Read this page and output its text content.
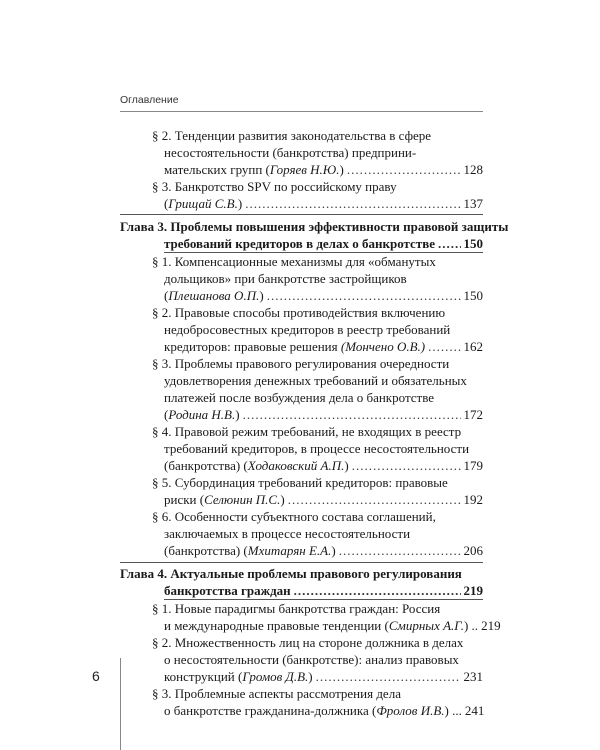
Оглавление
§ 2. Тенденции развития законодательства в сфере
несостоятельности (банкротства) предприни-
мательских групп (Горяев Н.Ю.) .....	128
§ 3. Банкротство SPV по российскому праву
(Грищай С.В.) .....	137
Глава 3. Проблемы повышения эффективности правовой защиты
требований кредиторов в делах о банкротстве ..... 150
§ 1. Компенсационные механизмы для «обманутых
дольщиков» при банкротстве застройщиков
(Плешанова О.П.) .....	150
§ 2. Правовые способы противодействия включению
недобросовестных кредиторов в реестр требований
кредиторов: правовые решения (Мончено О.В.) .....	162
§ 3. Проблемы правового регулирования очередности
удовлетворения денежных требований и обязательных
платежей после возбуждения дела о банкротстве
(Родина Н.В.) .....	172
§ 4. Правовой режим требований, не входящих в реестр
требований кредиторов, в процессе несостоятельности
(банкротства) (Ходаковский А.П.) .....	179
§ 5. Субординация требований кредиторов: правовые
риски (Селюнин П.С.) .....	192
§ 6. Особенности субъектного состава соглашений,
заключаемых в процессе несостоятельности
(банкротства) (Мхитарян Е.А.) .....	206
Глава 4. Актуальные проблемы правового регулирования
банкротства граждан .....	219
§ 1. Новые парадигмы банкротства граждан: Россия
и международные правовые тенденции (Смирных А.Г.) .. 219
§ 2. Множественность лиц на стороне должника в делах
о несостоятельности (банкротстве): анализ правовых
конструкций (Громов Д.В.) .....	231
§ 3. Проблемные аспекты рассмотрения дела
о банкротстве гражданина-должника (Фролов И.В.) ... 241
6
